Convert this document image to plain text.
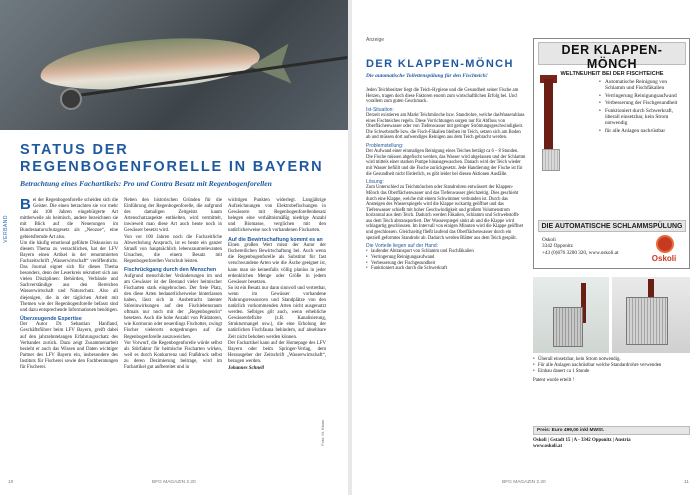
VERBAND
STATUS DER REGENBOGENFORELLE IN BAYERN
Betrachtung eines Fachartikels: Pro und Contra Besatz mit Regenbogenforellen

Bei der Regenbogenforelle scheiden sich die Geister. Die einen betrachten sie vor mehr als 100 Jahren eingebürgerte Art mittlerweile als heimisch, andere bezeichnen sie mit Blick auf die Neuerungen im Bundesnaturschutzgesetz als „Neozoe“, eine gebietsfremde Art also.

Um die häufig emotional geführte Diskussion zu diesem Thema zu versachlichen, hat der LFV Bayern einen Artikel in der renommierten Fachzeitschrift „Wasserwirtschaft“ veröffentlicht. Das Journal eignet sich für dieses Thema besonders, denn der Leserkreis rekrutiert sich aus vielen Disziplinen: Behörden, Verbände und Sachverständige aus den Bereichen Wasserwirtschaft und Naturschutz. Also all diejenigen, die in der täglichen Arbeit mit Themen wie der Regenbogenforelle befasst sind und dazu entsprechende Informationen benötigen.

Überzeugende Expertise

Der Autor Dr. Sebastian Hanfland, Geschäftsführer beim LFV Bayern, greift dabei auf den jahrzehntelangen Erfahrungsschatz des Verbandes zurück. Dazu zeigt Zusammenarbeit bezieht er auch das Wissen und Daten wichtiger Partner des LFV Bayern ein, insbesondere des Instituts für Fischerei sowie den Fachberatungen für Fischerei.

Neben den historischen Gründen für die Einführung der Regenbogenforelle, die aufgrund des damaligen Zeitgeists kaum Artenschutzaspekte enthielten, wird vermittelt, inwieweit man diese Art auch heute noch in Gewässer besetzt wird.

Von vor 100 Jahren noch die Fachzeitliche Abwechslung Anspruch, ist es heute ein ganzer Strauß von hauptsächlich lebensraumrelevanten Ursachen, die einem Besatz mit Regenbogenforellen Vorschub leisten.

Fischrückgang durch den Menschen

Aufgrund menschlicher Veränderungen im und am Gewässer ist der Bestand vieler heimischer Fischarten stark eingebrochen. Der freie Platz, den diese Arten bedauerlicherweise hinterlassen haben, lässt sich in Ansbetracht latenter Störeinwirkungen auf den Fischlebensraum oftmals nur noch mit der „Regenbogenrin“ besetzen. Auch die hohe Anzahl von Prädatoren, wie Kormoran oder neuerdings Fischotter, zwingt Fischer vielerorts notgedrungen auf die Regenbogenforelle auszuweichen.

Vor Vorwurf, die Regenbogenforelle würde selbst als Störfaktor für heimische Fischarten wirken, weil es durch Konkurrenz und Fraßdruck selbst zu deren Dezimierung beitrage, wird im Fachartikel gut aufbereitet und in

wichtigen Punkten widerlegt. Langjährige Aufzeichnungen von Elektrobefischungen in Gewässern mit Regenbogenforellenbesatz belegen eine verhältnismäßig niedrige Anzahl und Biomasse, verglichen mit den natürlicherweise noch vorhandenen Fischarten.

Auf die Bewirtschaftung kommt es an

Einen großen Wert misst der Autor der fischereilichen Bewirtschaftung bei. Auch wenn die Regenbogenforelle als Substitut für fast verschwundene Arten wie die Äsche geeignet ist, kann man sie keinesfalls völlig planlos in jeder erdenklichen Menge oder Größe in jedem Gewässer besetzen.

So ist ein Besatz nur dann sinnvoll und vertretbar, wenn im Gewässer vorhandene Nahrungsressourcen und Standplätze von den natürlich vorkommenden Arten nicht ausgenutzt werden. Selbiges gilt auch, wenn erhebliche Gewässerdefizite (z.B. Kanalisierung, Strukturmangel usw.), die eine Erholung der natürlichen Fischfauna behindern, auf absehbare Zeit nicht behoben werden können.

Der Fachartikel kann auf der Homepage des LFV Bayern oder beim Springer-Verlag, dem Herausgeber der Zeitschrift „Wasserwirtschaft“, bezogen werden.

Johannes Schnell

Foto: M. Klaus
10	BFG MAGAZIN 2.20
Anzeige
DER KLAPPEN-MÖNCH
Die automatische Toilettenspülung für den Fischteich!

Jeden Teichbesitzer liegt die Teich-Hygiene und die Gesundheit seiner Fische am Herzen, tragen doch diese Faktoren enorm zum wirtschaftlichen Erfolg bei. Und vorallem zum guten Geschmack.

Ist-Situation:

Derzeit existieren am Markt Teichmönche bzw. Standrohre, welche dasWasserablass eines Fischteiches regeln. Diese Vorrichtungen sorgen nur für Abfluss von Oberflächenwasser oder von Tiefenwasser mit geringer Strömungsgeschwindigkeit. Die Schwebstoffe bzw. die Fisch-Fäkalien bleiben im Teich, setzen sich am Boden ab und müssen dort aufwendiges Reinigen aus dem Teich gebracht werden.

Problemstellung:

Der Aufwand einer einmaligen Reinigung eines Teiches beträgt ca 6 – 8 Stunden. Die Fische müssen abgefischt werden, das Wasser wird abgelassen und der Schlamm wird mittels einer starken Pumpe hinausgewaschen. Danach wird der Teich wieder mit Wasser befüllt und die Fische zurückgesetzt. Jede Handierung der Fische ist für die Gesundheit nicht förderlich, es gibt leider bei diesen Aktionen Ausfälle.

Lösung:

Zum Unterschied zu Teichmönchen oder Standrohren entwässert der Klappen-Mönch das Oberflächenwasser und das Tiefenwasser gleichzeitig. Dies geschieht durch eine Klappe, welche mit einem Schwimmer verbunden ist. Durch das Ansteigen des Wasserspiegels wird die Klappe ruckartig geöffnet und das Tiefenwasser schießt mit hoher Geschwindigkeit und großem Volumenstrom horizontal aus dem Teich. Dadurch werden Fäkalien, Schlamm und Schwebstoffe aus dem Teich abtransportiert. Der Wasserspiegel sinkt ab und die Klappe wird schlagartig geschlossen. Im Intervall von einigen Minuten wird die Klappe geöffnet und geschlossen. Gleichzeitig fließt laufend das Oberflächenwasser durch ein speziell geformtes Standrohr ab. Dadurch werden Blätter aus dem Teich gespült.

Die Vorteile liegen auf der Hand:
• laufender Abtransport von Schlamm und Fischfäkalien
• Verringerung Reinigungsaufwand
• Verbesserung der Fischgesundheit
• Funktioniert auch durch die Schwerkraft
DER KLAPPEN-MÖNCH
WELTNEUHEIT BEI DER FISCHTEICHE
• Automatische Reinigung von Schlamm und Fischfäkalien
• Verringerung Reinigungsaufwand
• Verbesserung der Fischgesundheit
• Funktioniert durch Schwerkraft, überall einsetzbar, kein Strom notwendig
• für alle Anlagen nachrüstbar
DIE AUTOMATISCHE SCHLAMMSPÜLUNG
Oskoli
3342 Opponitz
+43 (0)676 3200 320, www.oskoli.at
Oskoli
• Überall einsetzbar, kein Strom notwendig.
• Für alle Anlagen nachrüstbar welche Standardrohre verwenden
• Einbau dauert ca 1 Stunde

Patent wurde erteilt !

Preis: Euro 499,00 inkl MWSt.
Oskoli | Gstadt 15 | A - 3342 Opponitz | Austria
www.oskoli.at
BFG MAGAZIN 2.20	11
